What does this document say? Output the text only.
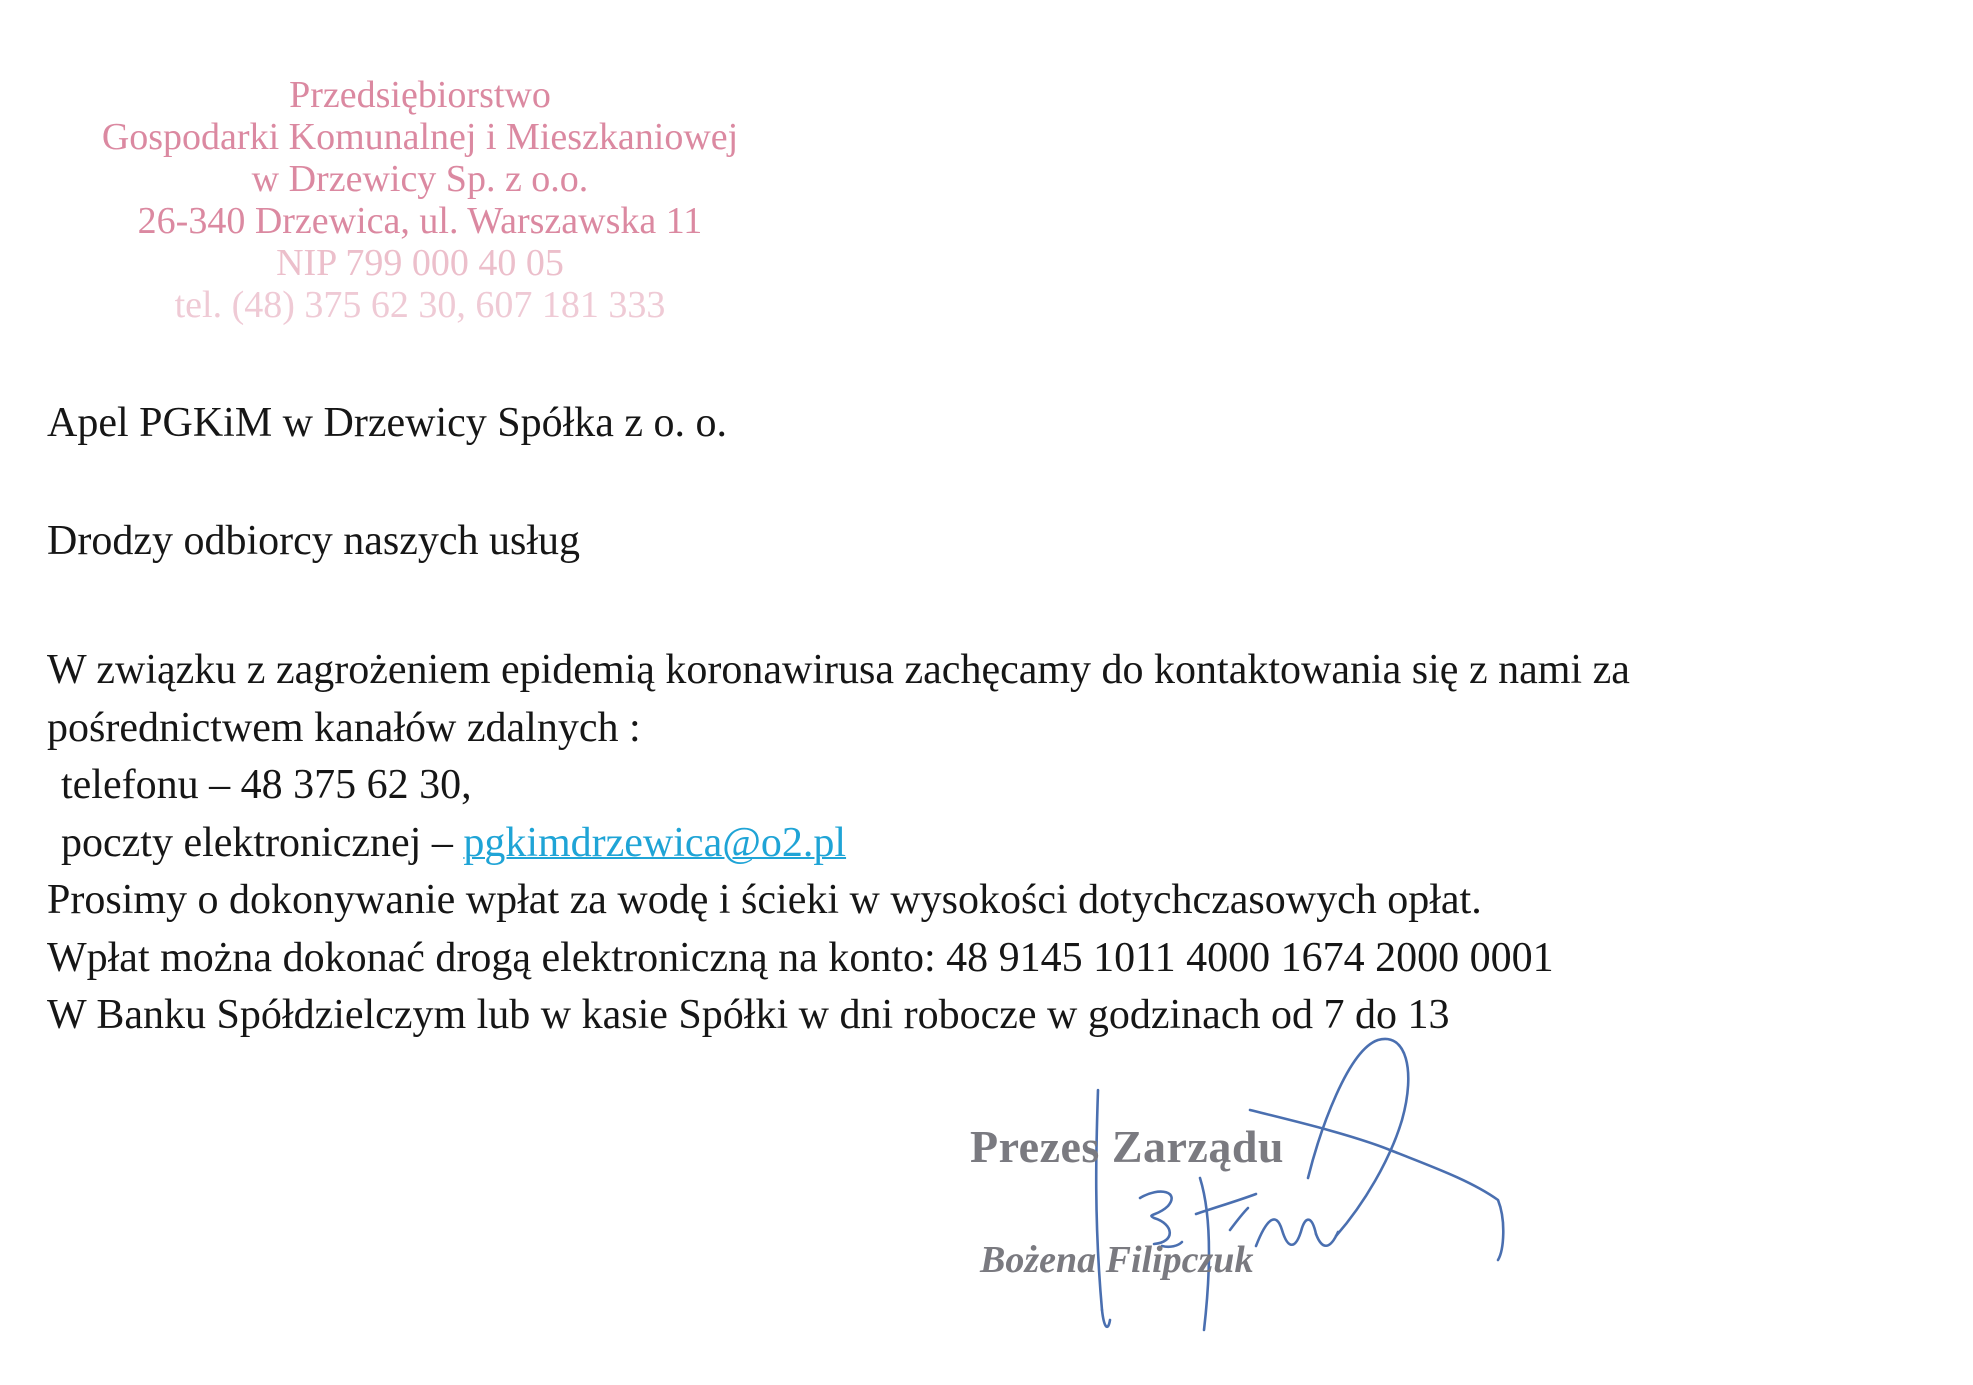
Przedsiębiorstwo
Gospodarki Komunalnej i Mieszkaniowej
w Drzewicy Sp. z o.o.
26-340 Drzewica, ul. Warszawska 11
NIP 799 000 40 05
tel. (48) 375 62 30, 607 181 333
Apel PGKiM w Drzewicy Spółka z o. o.

Drodzy odbiorcy naszych usług

W związku z zagrożeniem epidemią koronawirusa zachęcamy do kontaktowania się z nami za
pośrednictwem kanałów zdalnych :
telefonu – 48 375 62 30,
poczty elektronicznej – pgkimdrzewica@o2.pl
Prosimy o dokonywanie wpłat za wodę i ścieki w wysokości dotychczasowych opłat.
Wpłat można dokonać drogą elektroniczną na konto: 48 9145 1011 4000 1674 2000 0001
W Banku Spółdzielczym lub w kasie Spółki w dni robocze w godzinach od 7 do 13
Prezes Zarządu
Bożena Filipczuk
